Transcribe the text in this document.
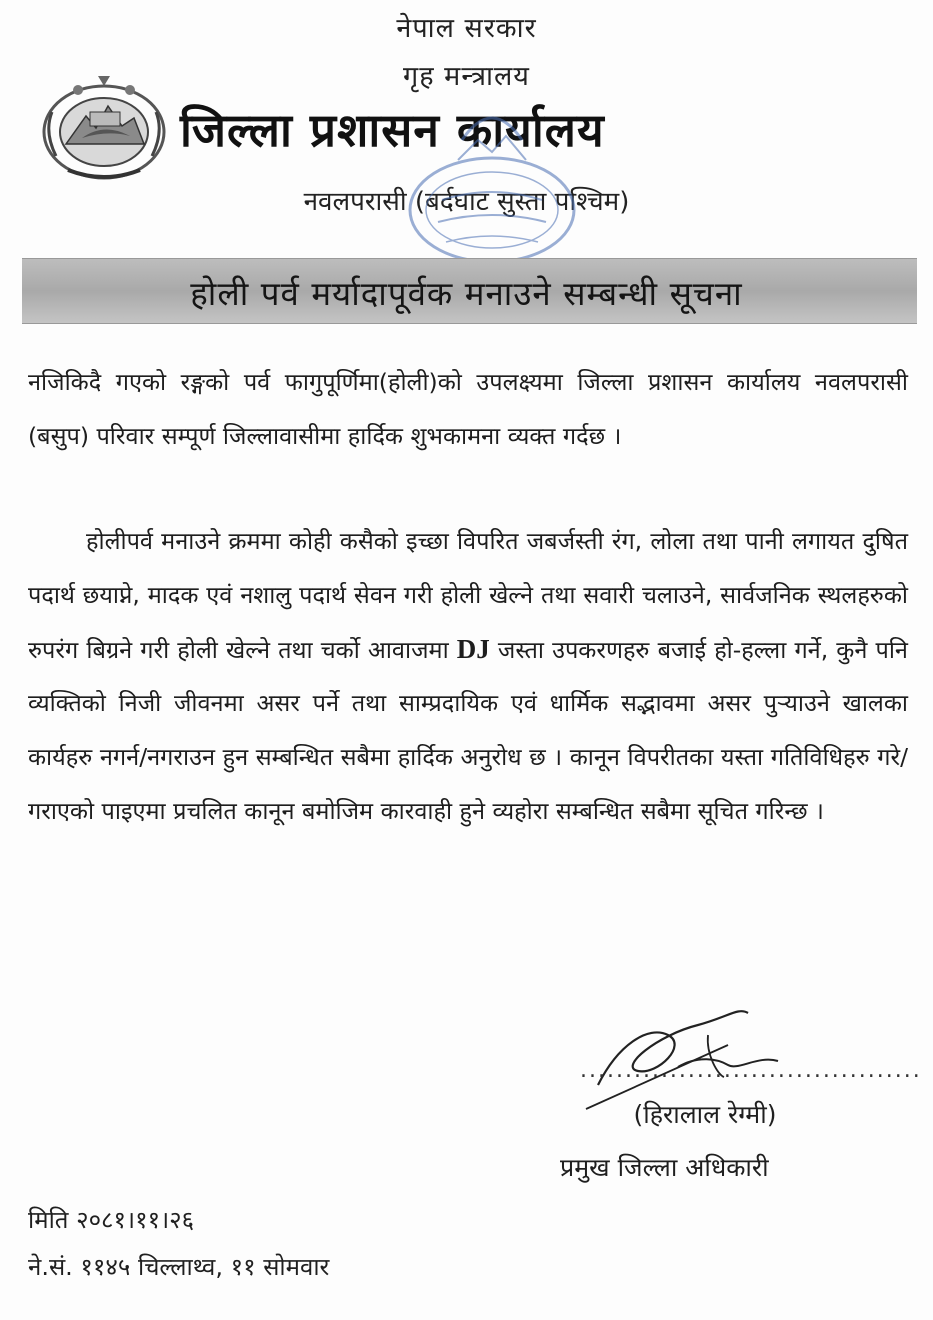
नेपाल सरकार
गृह मन्त्रालय
जिल्ला प्रशासन कार्यालय
नवलपरासी (बर्दघाट सुस्ता पश्चिम)
होली पर्व मर्यादापूर्वक मनाउने सम्बन्धी सूचना
नजिकिदै गएको रङ्गको पर्व फागुपूर्णिमा(होली)को उपलक्ष्यमा जिल्ला प्रशासन कार्यालय नवलपरासी (बसुप) परिवार सम्पूर्ण जिल्लावासीमा हार्दिक शुभकामना व्यक्त गर्दछ ।
होलीपर्व मनाउने क्रममा कोही कसैको इच्छा विपरित जबर्जस्ती रंग, लोला तथा पानी लगायत दुषित पदार्थ छयाप्ने, मादक एवं नशालु पदार्थ सेवन गरी होली खेल्ने तथा सवारी चलाउने, सार्वजनिक स्थलहरुको रुपरंग बिग्रने गरी होली खेल्ने तथा चर्को आवाजमा DJ जस्ता उपकरणहरु बजाई हो-हल्ला गर्ने, कुनै पनि व्यक्तिको निजी जीवनमा असर पर्ने तथा साम्प्रदायिक एवं धार्मिक सद्भावमा असर पुऱ्याउने खालका कार्यहरु नगर्न/नगराउन हुन सम्बन्धित सबैमा हार्दिक अनुरोध छ । कानून विपरीतका यस्ता गतिविधिहरु गरे/गराएको पाइएमा प्रचलित कानून बमोजिम कारवाही हुने व्यहोरा सम्बन्धित सबैमा सूचित गरिन्छ ।
......................................
(हिरालाल रेग्मी)
प्रमुख जिल्ला अधिकारी
मिति २०८१।११।२६
ने.सं. ११४५ चिल्लाथ्व, ११ सोमवार
